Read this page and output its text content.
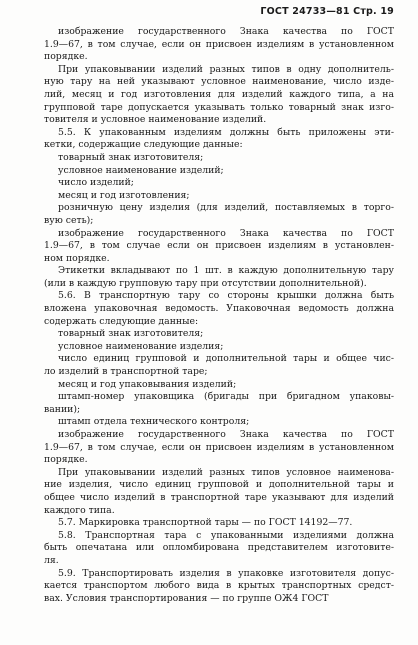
ГОСТ 24733—81 Стр. 19
изображение государственного Знака качества по ГОСТ
1.9—67, в том случае, если он присвоен изделиям в установленном
порядке.
При упаковывании изделий разных типов в одну дополнитель-
ную тару на ней указывают условное наименование, число изде-
лий, месяц и год изготовления для изделий каждого типа, а на
групповой таре допускается указывать только товарный знак изго-
товителя и условное наименование изделий.
5.5. К упакованным изделиям должны быть приложены эти-
кетки, содержащие следующие данные:
товарный знак изготовителя;
условное наименование изделий;
число изделий;
месяц и год изготовления;
розничную цену изделия (для изделий, поставляемых в торго-
вую сеть);
изображение государственного Знака качества по ГОСТ
1.9—67, в том случае если он присвоен изделиям в установлен-
ном порядке.
Этикетки вкладывают по 1 шт. в каждую дополнительную тару
(или в каждую групповую тару при отсутствии дополнительной).
5.6. В транспортную тару со стороны крышки должна быть
вложена упаковочная ведомость. Упаковочная ведомость должна
содержать следующие данные:
товарный знак изготовителя;
условное наименование изделия;
число единиц групповой и дополнительной тары и общее чис-
ло изделий в транспортной таре;
месяц и год упаковывания изделий;
штамп-номер упаковщика (бригады при бригадном упаковы-
вании);
штамп отдела технического контроля;
изображение государственного Знака качества по ГОСТ
1.9—67, в том случае, если он присвоен изделиям в установленном
порядке.
При упаковывании изделий разных типов условное наименова-
ние изделия, число единиц групповой и дополнительной тары и
общее число изделий в транспортной таре указывают для изделий
каждого типа.
5.7. Маркировка транспортной тары — по ГОСТ 14192—77.
5.8. Транспортная тара с упакованными изделиями должна
быть опечатана или опломбирована представителем изготовите-
ля.
5.9. Транспортировать изделия в упаковке изготовителя допус-
кается транспортом любого вида в крытых транспортных средст-
вах. Условия транспортирования — по группе ОЖ4 ГОСТ
